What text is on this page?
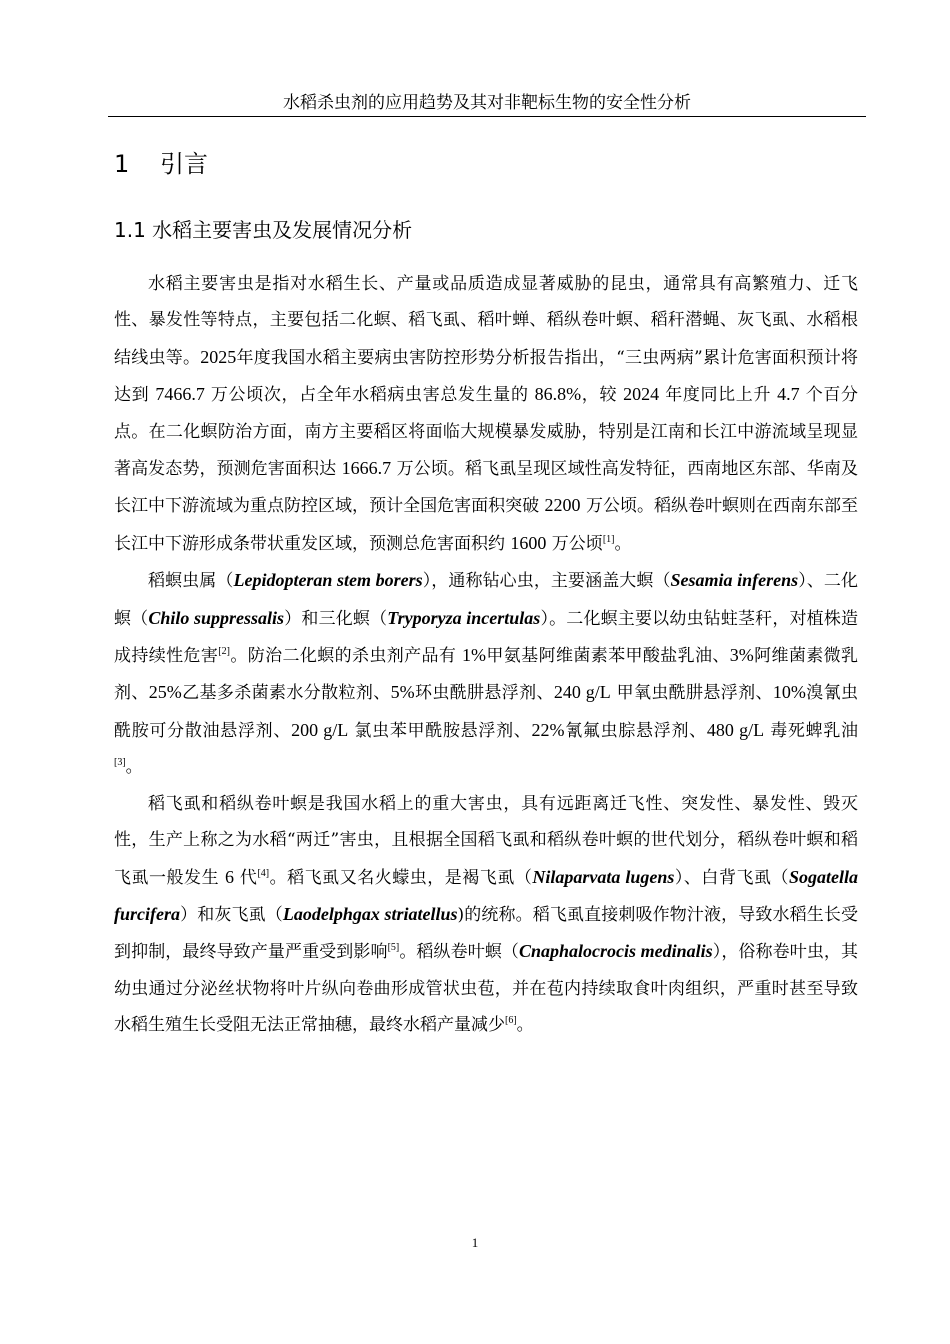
水稻杀虫剂的应用趋势及其对非靶标生物的安全性分析
1 引言
1.1 水稻主要害虫及发展情况分析

水稻主要害虫是指对水稻生长、产量或品质造成显著威胁的昆虫，通常具有高繁殖力、迁飞性、暴发性等特点，主要包括二化螟、稻飞虱、稻叶蝉、稻纵卷叶螟、稻秆潜蝇、灰飞虱、水稻根结线虫等。2025年度我国水稻主要病虫害防控形势分析报告指出，“三虫两病”累计危害面积预计将达到 7466.7 万公顷次，占全年水稻病虫害总发生量的 86.8%，较 2024 年度同比上升 4.7 个百分点。在二化螟防治方面，南方主要稻区将面临大规模暴发威胁，特别是江南和长江中游流域呈现显著高发态势，预测危害面积达 1666.7 万公顷。稻飞虱呈现区域性高发特征，西南地区东部、华南及长江中下游流域为重点防控区域，预计全国危害面积突破 2200 万公顷。稻纵卷叶螟则在西南东部至长江中下游形成条带状重发区域，预测总危害面积约 1600 万公顷[1]。

稻螟虫属（Lepidopteran stem borers），通称钻心虫，主要涵盖大螟（Sesamia inferens）、二化螟（Chilo suppressalis）和三化螟（Tryporyza incertulas）。二化螟主要以幼虫钻蛀茎秆，对植株造成持续性危害[2]。防治二化螟的杀虫剂产品有 1%甲氨基阿维菌素苯甲酸盐乳油、3%阿维菌素微乳剂、25%乙基多杀菌素水分散粒剂、5%环虫酰肼悬浮剂、240 g/L 甲氧虫酰肼悬浮剂、10%溴氰虫酰胺可分散油悬浮剂、200 g/L 氯虫苯甲酰胺悬浮剂、22%氰氟虫腙悬浮剂、480 g/L 毒死蜱乳油[3]。

稻飞虱和稻纵卷叶螟是我国水稻上的重大害虫，具有远距离迁飞性、突发性、暴发性、毁灭性，生产上称之为水稻“两迁”害虫，且根据全国稻飞虱和稻纵卷叶螟的世代划分，稻纵卷叶螟和稻飞虱一般发生 6 代[4]。稻飞虱又名火蠓虫，是褐飞虱（Nilaparvata lugens）、白背飞虱（Sogatella furcifera）和灰飞虱（Laodelphgax striatellus)的统称。稻飞虱直接刺吸作物汁液，导致水稻生长受到抑制，最终导致产量严重受到影响[5]。稻纵卷叶螟（Cnaphalocrocis medinalis），俗称卷叶虫，其幼虫通过分泌丝状物将叶片纵向卷曲形成管状虫苞，并在苞内持续取食叶肉组织，严重时甚至导致水稻生殖生长受阻无法正常抽穗，最终水稻产量减少[6]。

1
